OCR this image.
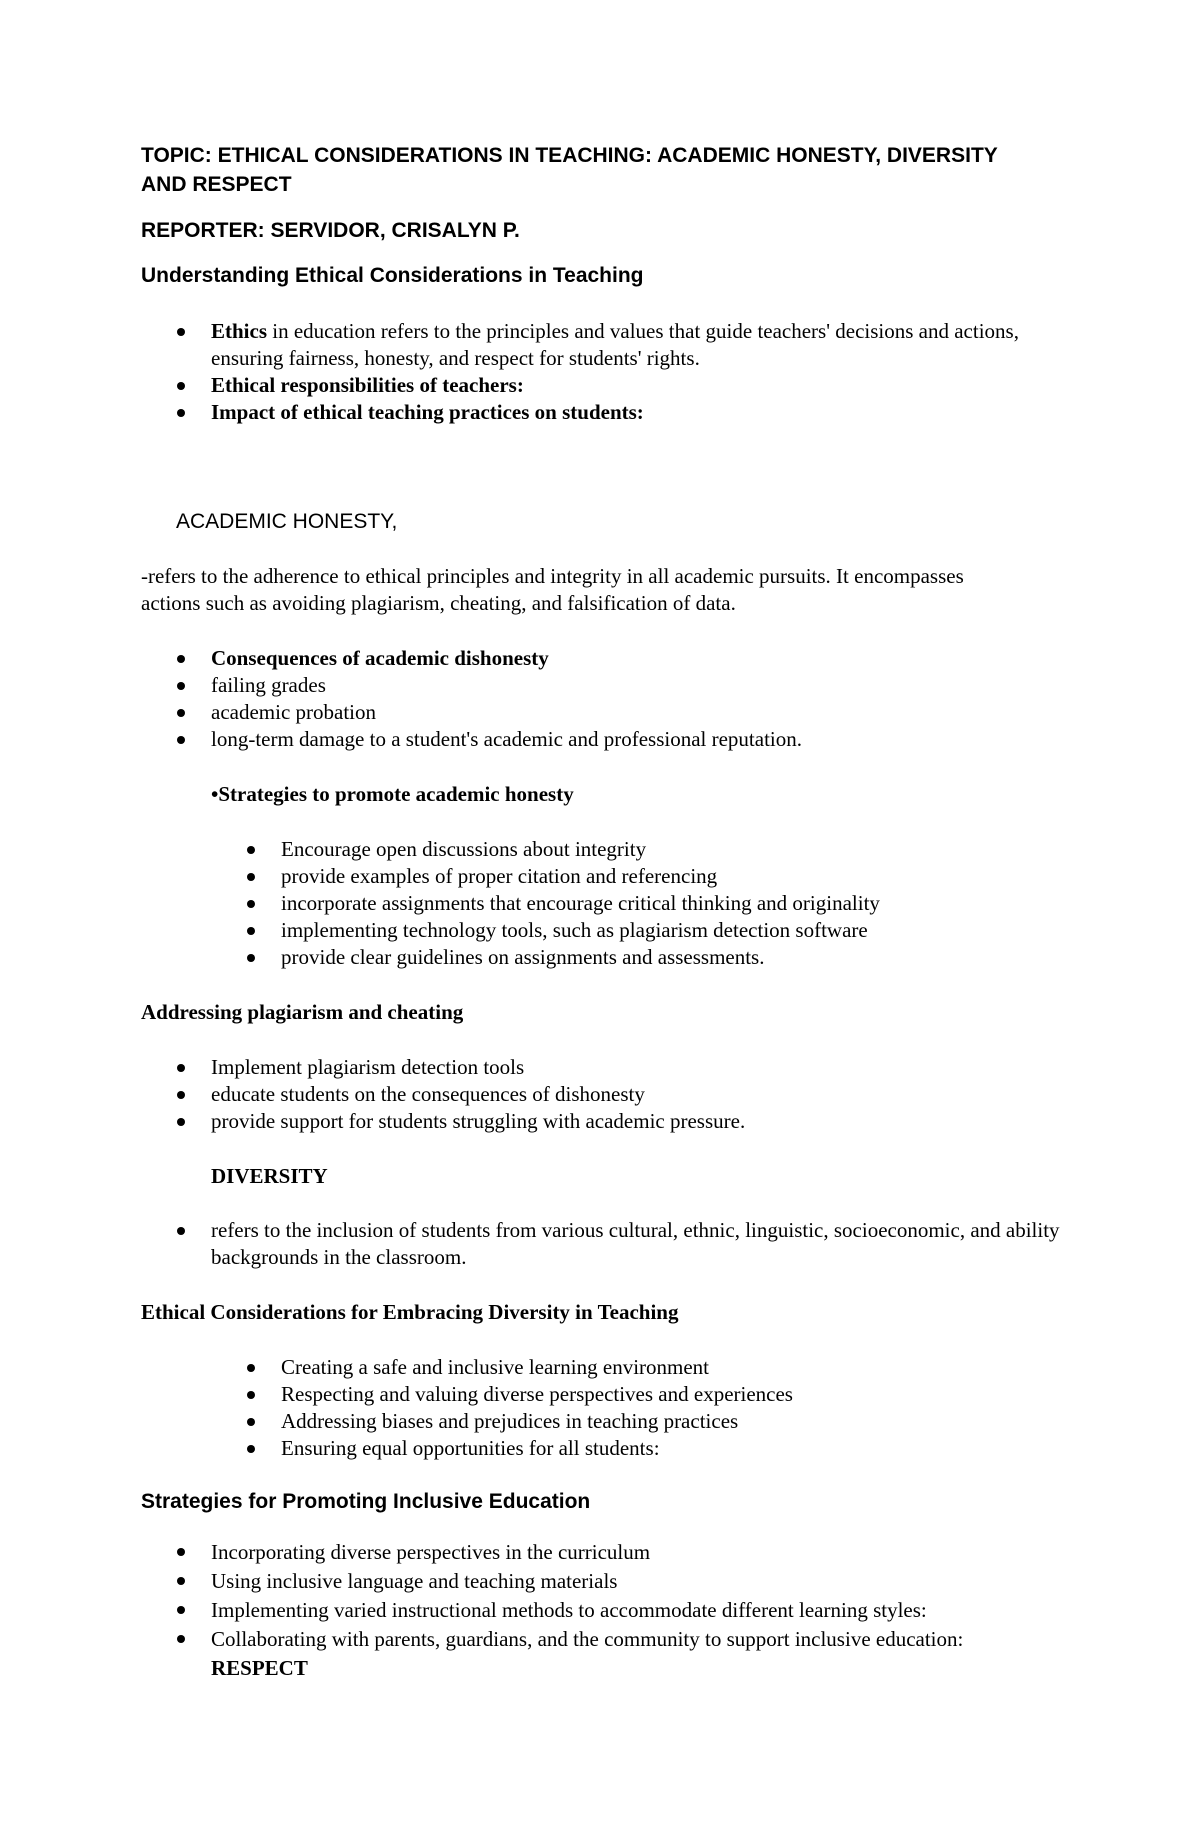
TOPIC: ETHICAL CONSIDERATIONS IN TEACHING: ACADEMIC HONESTY, DIVERSITY AND RESPECT

REPORTER: SERVIDOR, CRISALYN P.

Understanding Ethical Considerations in Teaching

Ethics in education refers to the principles and values that guide teachers' decisions and actions, ensuring fairness, honesty, and respect for students' rights.
Ethical responsibilities of teachers:
Impact of ethical teaching practices on students:

ACADEMIC HONESTY,

-refers to the adherence to ethical principles and integrity in all academic pursuits. It encompasses actions such as avoiding plagiarism, cheating, and falsification of data.

Consequences of academic dishonesty
failing grades
academic probation
long-term damage to a student's academic and professional reputation.

•Strategies to promote academic honesty

Encourage open discussions about integrity
provide examples of proper citation and referencing
incorporate assignments that encourage critical thinking and originality
implementing technology tools, such as plagiarism detection software
provide clear guidelines on assignments and assessments.

Addressing plagiarism and cheating

Implement plagiarism detection tools
educate students on the consequences of dishonesty
provide support for students struggling with academic pressure.

DIVERSITY

refers to the inclusion of students from various cultural, ethnic, linguistic, socioeconomic, and ability backgrounds in the classroom.

Ethical Considerations for Embracing Diversity in Teaching

Creating a safe and inclusive learning environment
Respecting and valuing diverse perspectives and experiences
Addressing biases and prejudices in teaching practices
Ensuring equal opportunities for all students:

Strategies for Promoting Inclusive Education

Incorporating diverse perspectives in the curriculum
Using inclusive language and teaching materials
Implementing varied instructional methods to accommodate different learning styles:
Collaborating with parents, guardians, and the community to support inclusive education:
RESPECT
